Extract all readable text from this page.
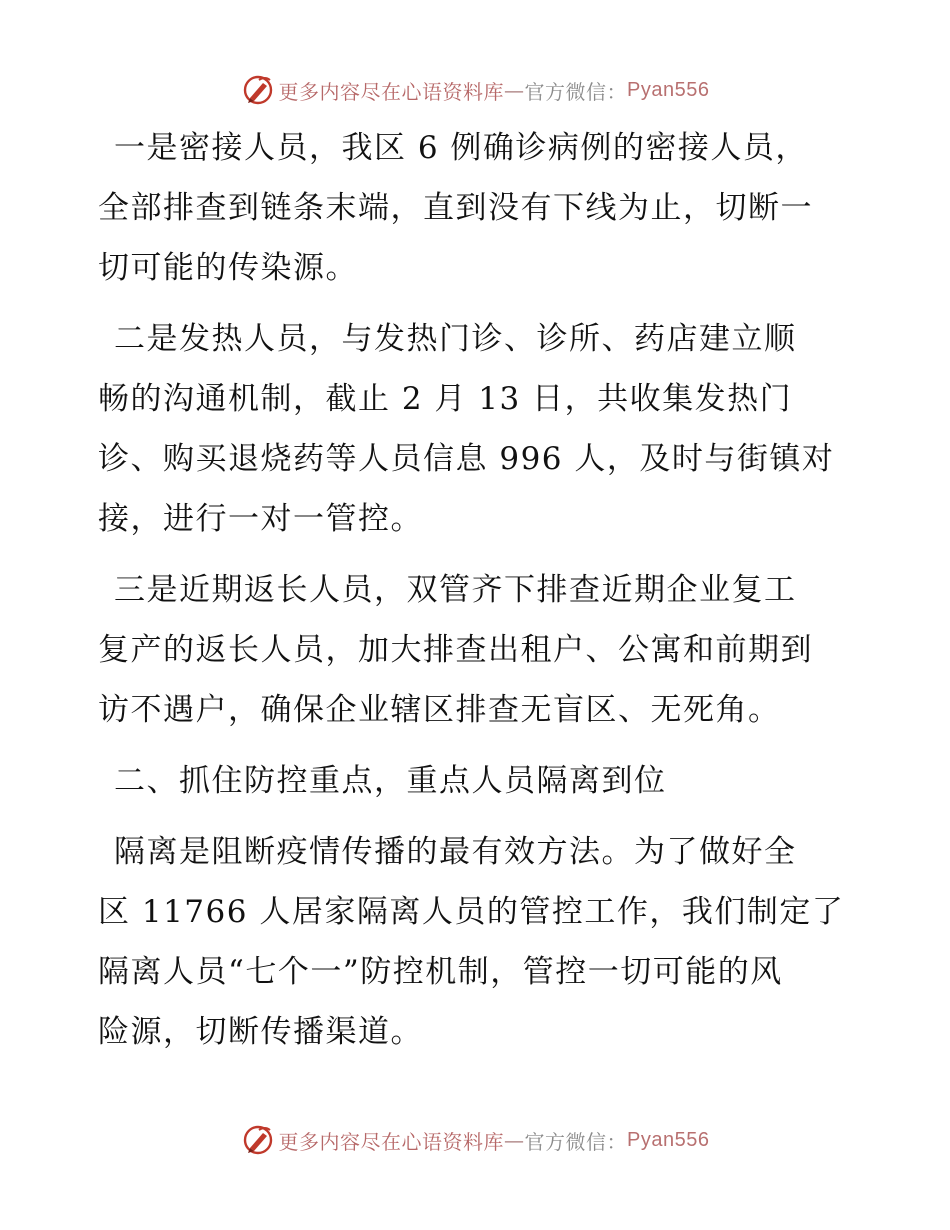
更多内容尽在心语资料库 — 官方微信： Pyan556

一是密接人员，我区 6 例确诊病例的密接人员，
全部排查到链条末端，直到没有下线为止，切断一
切可能的传染源。

二是发热人员，与发热门诊、诊所、药店建立顺
畅的沟通机制，截止 2 月 13 日，共收集发热门
诊、购买退烧药等人员信息 996 人，及时与街镇对
接，进行一对一管控。

三是近期返长人员，双管齐下排查近期企业复工
复产的返长人员，加大排查出租户、公寓和前期到
访不遇户，确保企业辖区排查无盲区、无死角。

二、抓住防控重点，重点人员隔离到位

隔离是阻断疫情传播的最有效方法。为了做好全
区 11766 人居家隔离人员的管控工作，我们制定了
隔离人员“七个一”防控机制，管控一切可能的风
险源，切断传播渠道。

更多内容尽在心语资料库 — 官方微信： Pyan556
